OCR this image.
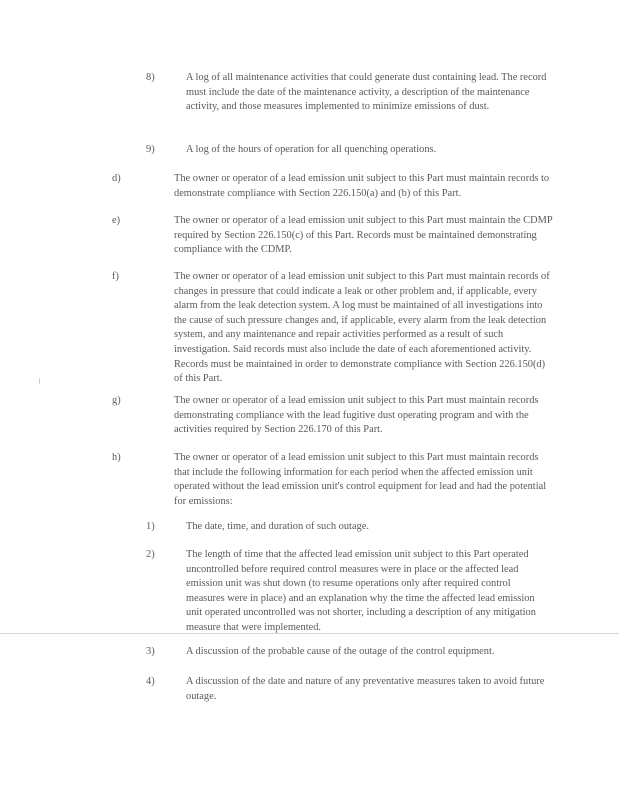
8)	A log of all maintenance activities that could generate dust containing lead. The record must include the date of the maintenance activity, a description of the maintenance activity, and those measures implemented to minimize emissions of dust.
9)	A log of the hours of operation for all quenching operations.
d)	The owner or operator of a lead emission unit subject to this Part must maintain records to demonstrate compliance with Section 226.150(a) and (b) of this Part.
e)	The owner or operator of a lead emission unit subject to this Part must maintain the CDMP required by Section 226.150(c) of this Part. Records must be maintained demonstrating compliance with the CDMP.
f)	The owner or operator of a lead emission unit subject to this Part must maintain records of changes in pressure that could indicate a leak or other problem and, if applicable, every alarm from the leak detection system. A log must be maintained of all investigations into the cause of such pressure changes and, if applicable, every alarm from the leak detection system, and any maintenance and repair activities performed as a result of such investigation. Said records must also include the date of each aforementioned activity. Records must be maintained in order to demonstrate compliance with Section 226.150(d) of this Part.
g)	The owner or operator of a lead emission unit subject to this Part must maintain records demonstrating compliance with the lead fugitive dust operating program and with the activities required by Section 226.170 of this Part.
h)	The owner or operator of a lead emission unit subject to this Part must maintain records that include the following information for each period when the affected emission unit operated without the lead emission unit's control equipment for lead and had the potential for emissions:
1)	The date, time, and duration of such outage.
2)	The length of time that the affected lead emission unit subject to this Part operated uncontrolled before required control measures were in place or the affected lead emission unit was shut down (to resume operations only after required control measures were in place) and an explanation why the time the affected lead emission unit operated uncontrolled was not shorter, including a description of any mitigation measure that were implemented.
3)	A discussion of the probable cause of the outage of the control equipment.
4)	A discussion of the date and nature of any preventative measures taken to avoid future outage.
